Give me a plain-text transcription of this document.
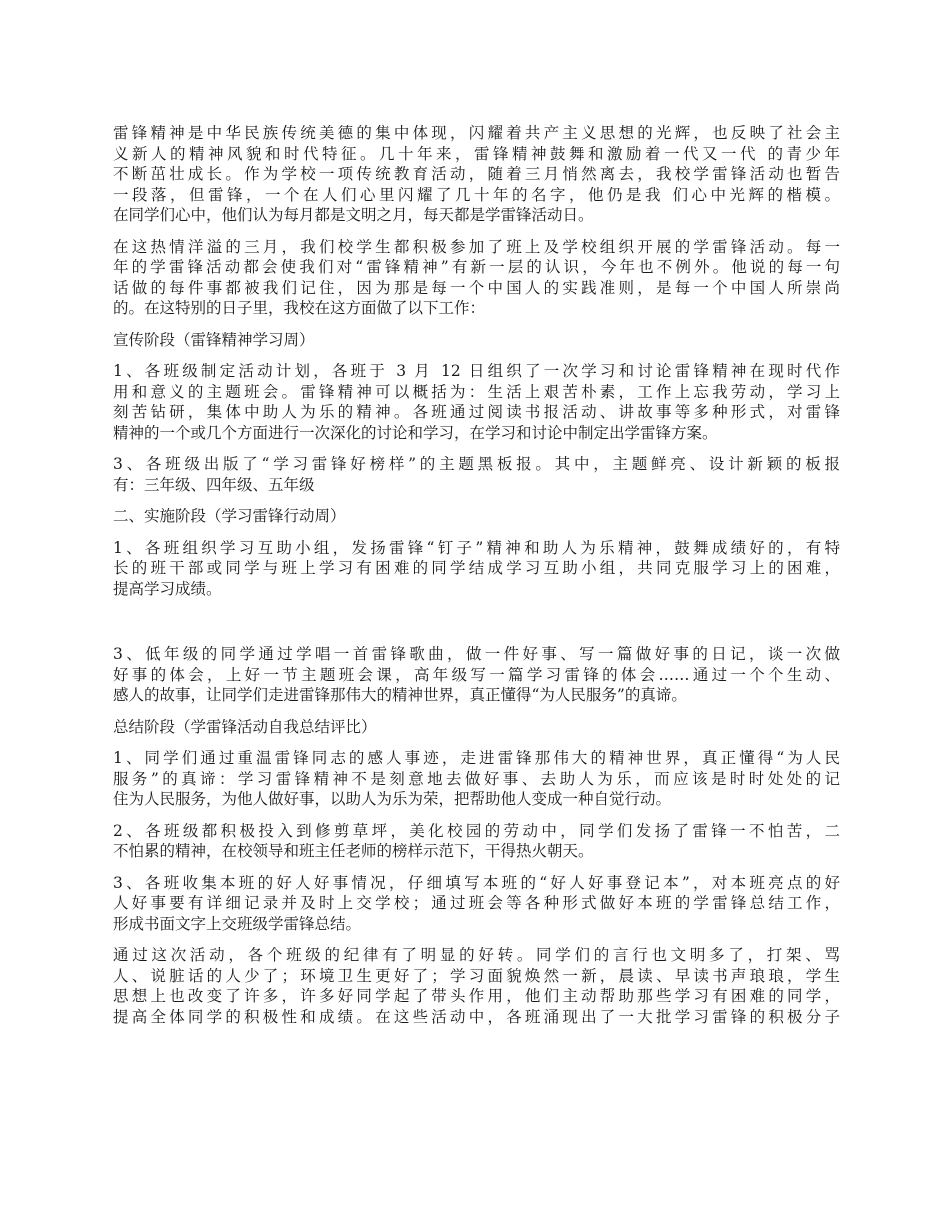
雷锋精神是中华民族传统美德的集中体现，闪耀着共产主义思想的光辉，也反映了社会主
义新人的精神风貌和时代特征。几十年来，雷锋精神鼓舞和激励着一代又一代 的青少年
不断茁壮成长。作为学校一项传统教育活动，随着三月悄然离去，我校学雷锋活动也暂告
一段落，但雷锋，一个在人们心里闪耀了几十年的名字，他仍是我 们心中光辉的楷模。
在同学们心中，他们认为每月都是文明之月，每天都是学雷锋活动日。
在这热情洋溢的三月，我们校学生都积极参加了班上及学校组织开展的学雷锋活动。每一
年的学雷锋活动都会使我们对“雷锋精神”有新一层的认识，今年也不例外。他说的每一句
话做的每件事都被我们记住，因为那是每一个中国人的实践准则，是每一个中国人所崇尚
的。在这特别的日子里，我校在这方面做了以下工作：
宣传阶段（雷锋精神学习周）
1、各班级制定活动计划，各班于 3 月 12 日组织了一次学习和讨论雷锋精神在现时代作
用和意义的主题班会。雷锋精神可以概括为：生活上艰苦朴素，工作上忘我劳动，学习上
刻苦钻研，集体中助人为乐的精神。各班通过阅读书报活动、讲故事等多种形式，对雷锋
精神的一个或几个方面进行一次深化的讨论和学习，在学习和讨论中制定出学雷锋方案。
3、各班级出版了“学习雷锋好榜样”的主题黑板报。其中，主题鲜亮、设计新颖的板报
有：三年级、四年级、五年级
二、实施阶段（学习雷锋行动周）
1、各班组织学习互助小组，发扬雷锋“钉子”精神和助人为乐精神，鼓舞成绩好的，有特
长的班干部或同学与班上学习有困难的同学结成学习互助小组，共同克服学习上的困难，
提高学习成绩。
3、低年级的同学通过学唱一首雷锋歌曲，做一件好事、写一篇做好事的日记，谈一次做
好事的体会，上好一节主题班会课，高年级写一篇学习雷锋的体会……通过一个个生动、
感人的故事，让同学们走进雷锋那伟大的精神世界，真正懂得“为人民服务”的真谛。
总结阶段（学雷锋活动自我总结评比）
1、同学们通过重温雷锋同志的感人事迹，走进雷锋那伟大的精神世界，真正懂得“为人民
服务”的真谛：学习雷锋精神不是刻意地去做好事、去助人为乐，而应该是时时处处的记
住为人民服务，为他人做好事，以助人为乐为荣，把帮助他人变成一种自觉行动。
2、各班级都积极投入到修剪草坪，美化校园的劳动中，同学们发扬了雷锋一不怕苦，二
不怕累的精神，在校领导和班主任老师的榜样示范下，干得热火朝天。
3、各班收集本班的好人好事情况，仔细填写本班的“好人好事登记本”，对本班亮点的好
人好事要有详细记录并及时上交学校；通过班会等各种形式做好本班的学雷锋总结工作，
形成书面文字上交班级学雷锋总结。
通过这次活动，各个班级的纪律有了明显的好转。同学们的言行也文明多了，打架、骂
人、说脏话的人少了；环境卫生更好了；学习面貌焕然一新，晨读、早读书声琅琅，学生
思想上也改变了许多，许多好同学起了带头作用，他们主动帮助那些学习有困难的同学，
提高全体同学的积极性和成绩。在这些活动中，各班涌现出了一大批学习雷锋的积极分子
